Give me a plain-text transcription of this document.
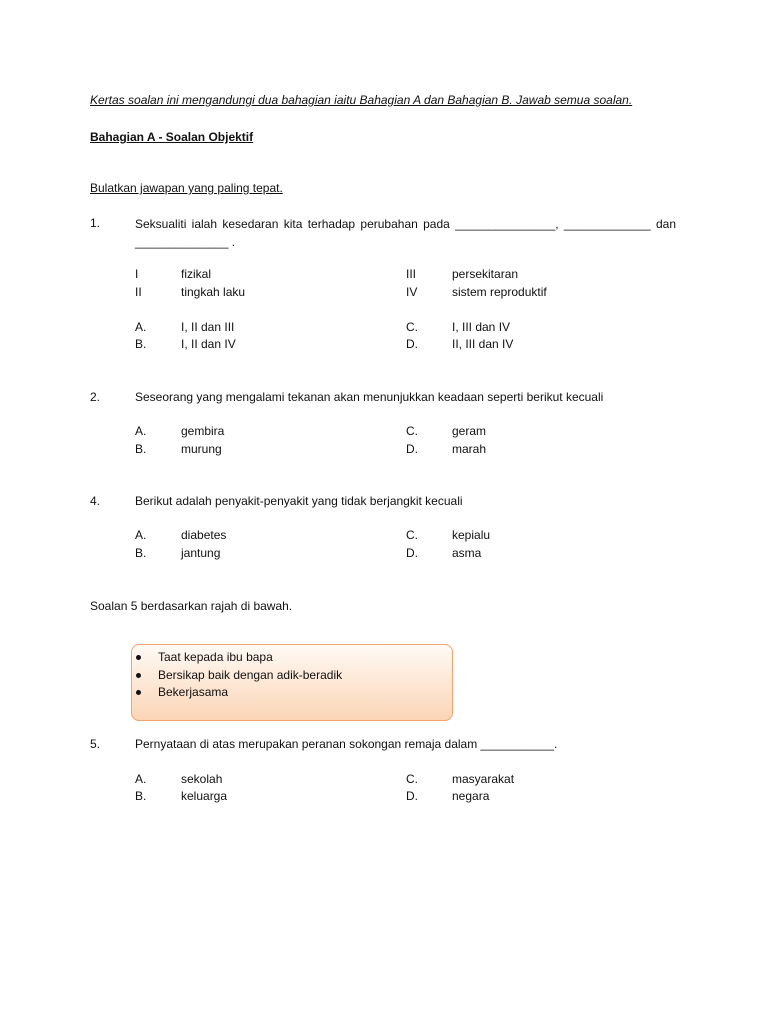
Kertas soalan ini mengandungi dua bahagian iaitu Bahagian A dan Bahagian B. Jawab semua soalan.
Bahagian A - Soalan Objektif
Bulatkan jawapan yang paling tepat.
1.	Seksualiti ialah kesedaran kita terhadap perubahan pada _______________, _____________ dan ______________ .
I	fizikal
II	tingkah laku
III	persekitaran
IV	sistem reproduktif
A.	I, II dan III
B.	I, II dan IV
C.	I, III dan IV
D.	II, III dan IV
2.	Seseorang yang mengalami tekanan akan menunjukkan keadaan seperti berikut kecuali
A.	gembira
B.	murung
C.	geram
D.	marah
4.	Berikut adalah penyakit-penyakit yang tidak berjangkit kecuali
A.	diabetes
B.	jantung
C.	kepialu
D.	asma
Soalan 5 berdasarkan rajah di bawah.
Taat kepada ibu bapa
Bersikap baik dengan adik-beradik
Bekerjasama
5.	Pernyataan di atas merupakan peranan sokongan remaja dalam ___________.
A.	sekolah
B.	keluarga
C.	masyarakat
D.	negara
